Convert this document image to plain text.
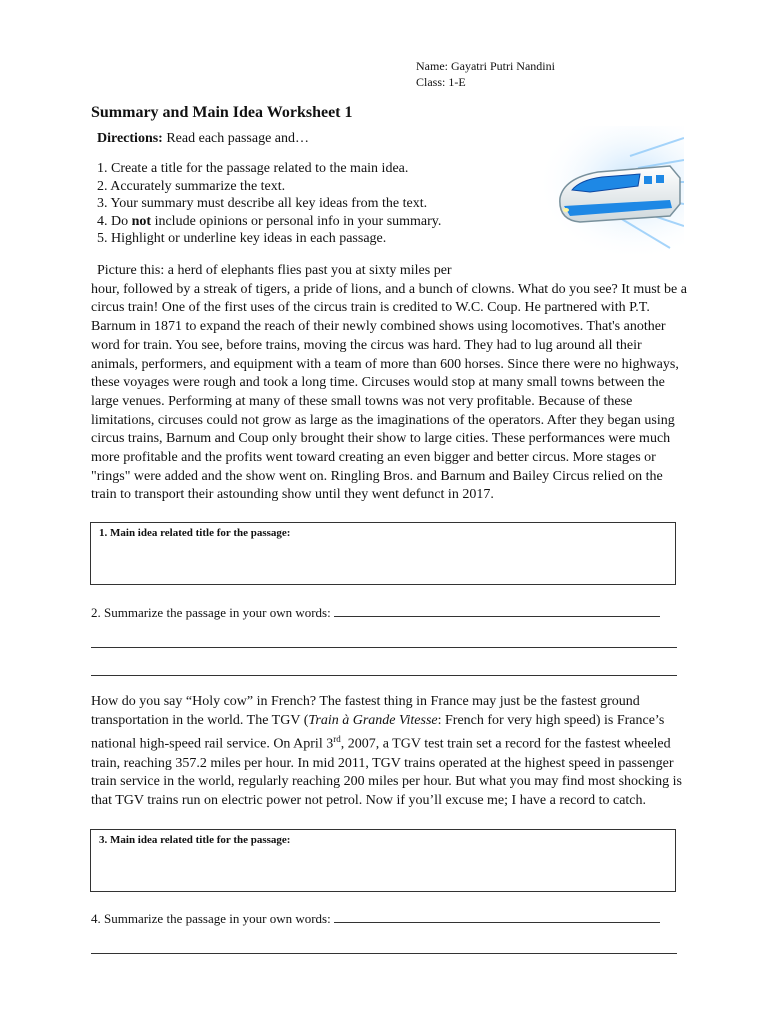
Name: Gayatri Putri Nandini
Class: 1-E
Summary and Main Idea Worksheet 1
Directions: Read each passage and…
1. Create a title for the passage related to the main idea.
2. Accurately summarize the text.
3. Your summary must describe all key ideas from the text.
4. Do not include opinions or personal info in your summary.
5. Highlight or underline key ideas in each passage.
Picture this: a herd of elephants flies past you at sixty miles per
hour, followed by a streak of tigers, a pride of lions, and a bunch of clowns. What do you see? It must be a circus train! One of the first uses of the circus train is credited to W.C. Coup. He partnered with P.T. Barnum in 1871 to expand the reach of their newly combined shows using locomotives. That's another word for train. You see, before trains, moving the circus was hard. They had to lug around all their animals, performers, and equipment with a team of more than 600 horses. Since there were no highways, these voyages were rough and took a long time. Circuses would stop at many small towns between the large venues. Performing at many of these small towns was not very profitable. Because of these limitations, circuses could not grow as large as the imaginations of the operators. After they began using circus trains, Barnum and Coup only brought their show to large cities. These performances were much more profitable and the profits went toward creating an even bigger and better circus. More stages or "rings" were added and the show went on. Ringling Bros. and Barnum and Bailey Circus relied on the train to transport their astounding show until they went defunct in 2017.
1. Main idea related title for the passage:
2. Summarize the passage in your own words:
How do you say “Holy cow” in French? The fastest thing in France may just be the fastest ground transportation in the world. The TGV (Train à Grande Vitesse: French for very high speed) is France’s national high-speed rail service. On April 3rd, 2007, a TGV test train set a record for the fastest wheeled train, reaching 357.2 miles per hour. In mid 2011, TGV trains operated at the highest speed in passenger train service in the world, regularly reaching 200 miles per hour. But what you may find most shocking is that TGV trains run on electric power not petrol. Now if you’ll excuse me; I have a record to catch.
3. Main idea related title for the passage:
4. Summarize the passage in your own words:
